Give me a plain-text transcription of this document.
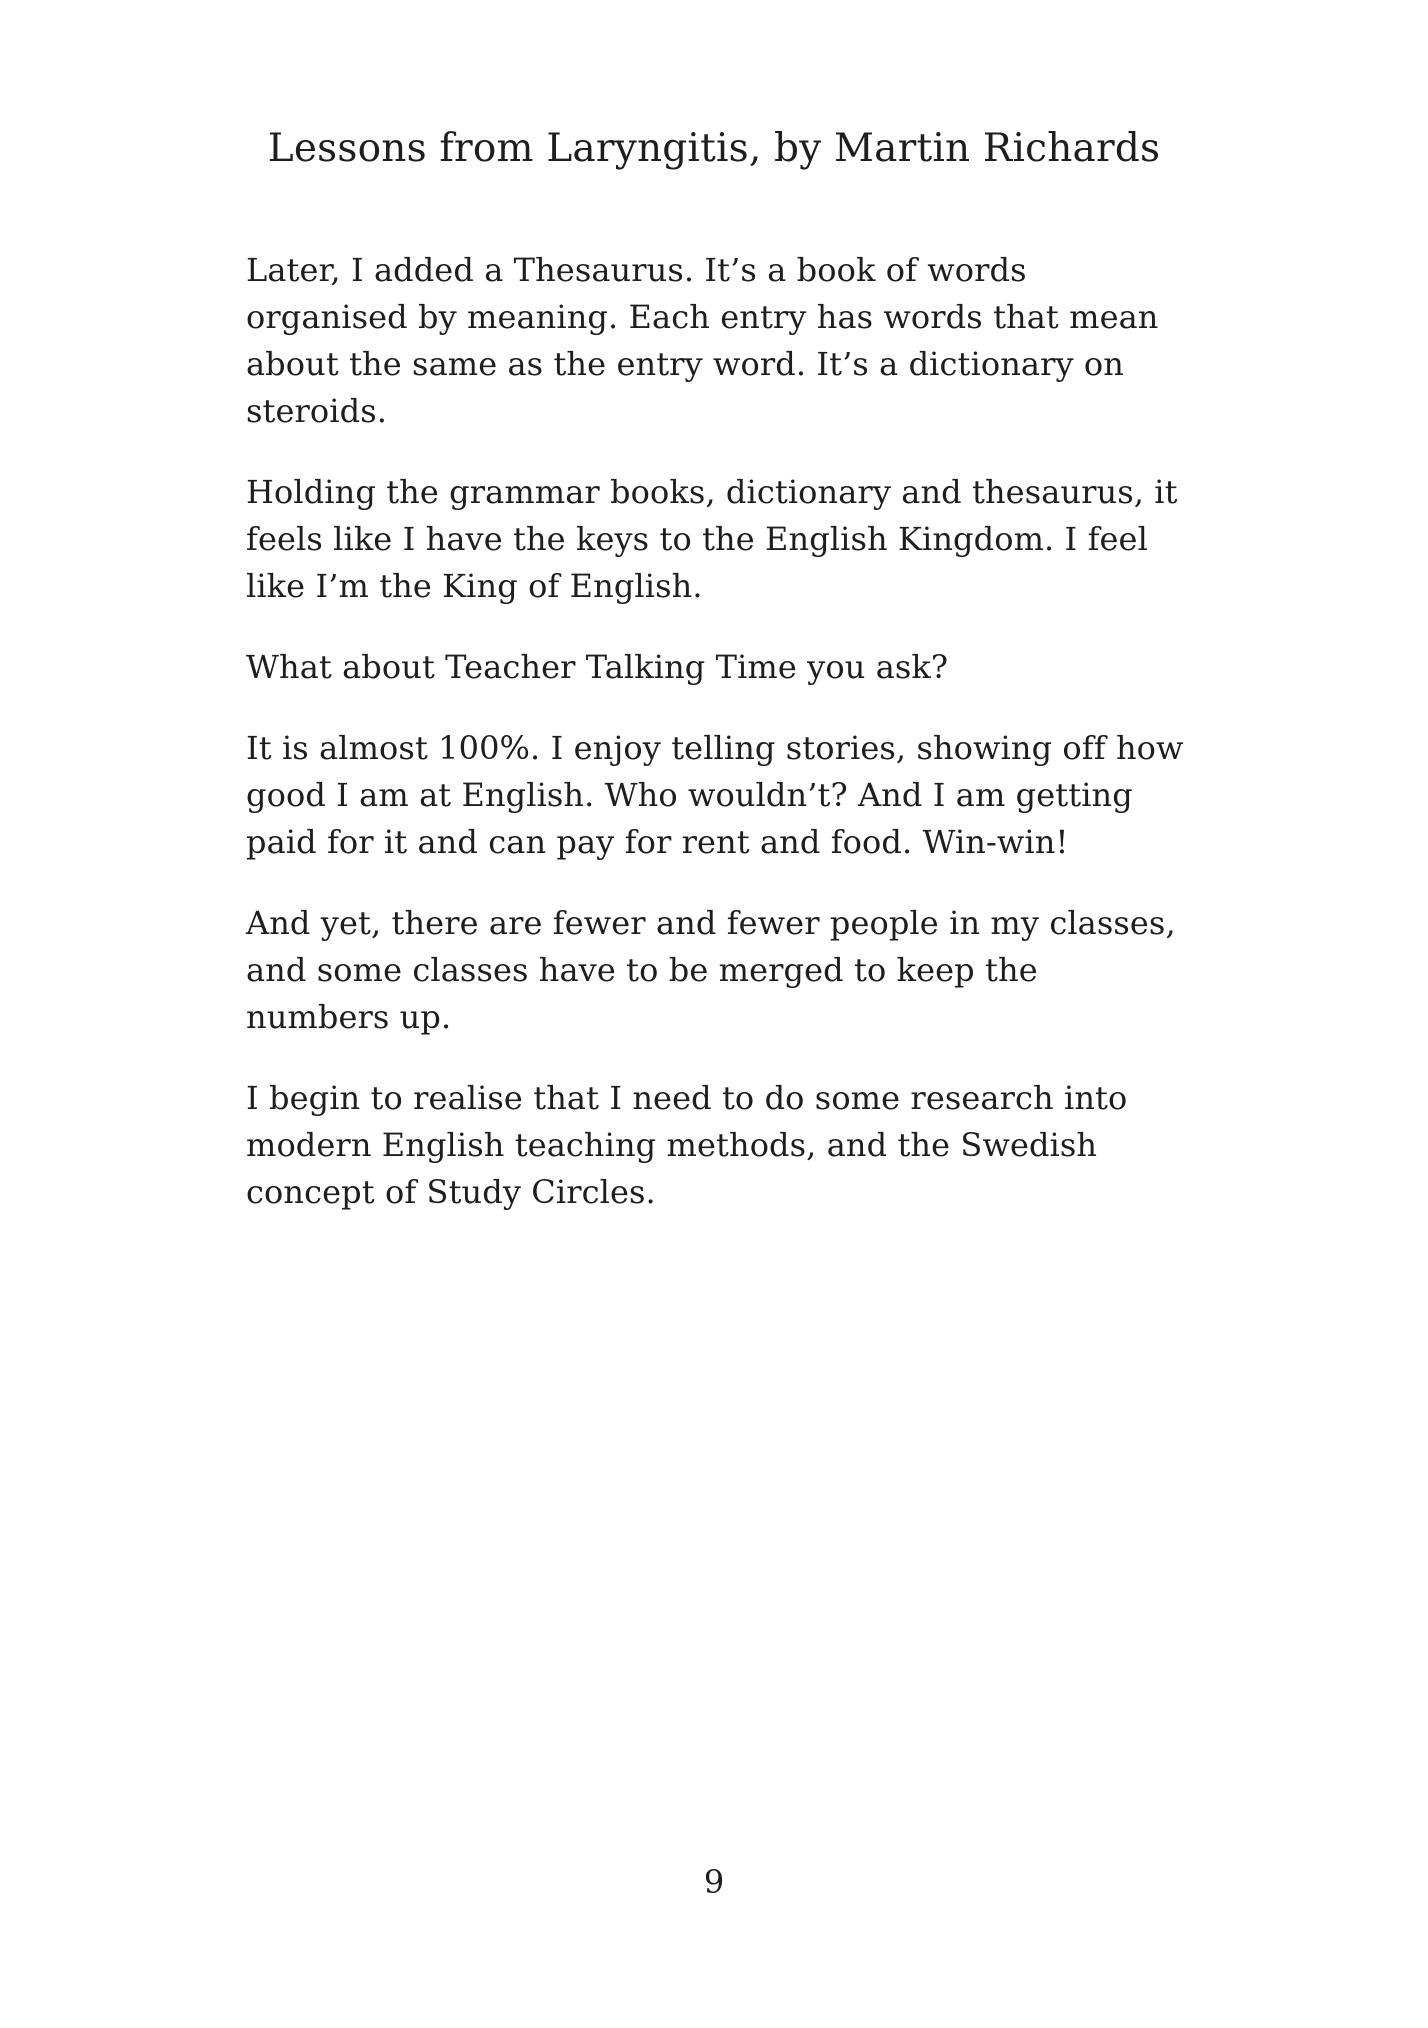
Lessons from Laryngitis, by Martin Richards

Later, I added a Thesaurus. It’s a book of words organised by meaning. Each entry has words that mean about the same as the entry word. It’s a dictionary on steroids.

Holding the grammar books, dictionary and thesaurus, it feels like I have the keys to the English Kingdom. I feel like I’m the King of English.

What about Teacher Talking Time you ask?

It is almost 100%. I enjoy telling stories, showing off how good I am at English. Who wouldn’t? And I am getting paid for it and can pay for rent and food. Win-win!

And yet, there are fewer and fewer people in my classes, and some classes have to be merged to keep the numbers up.

I begin to realise that I need to do some research into modern English teaching methods, and the Swedish concept of Study Circles.

9
